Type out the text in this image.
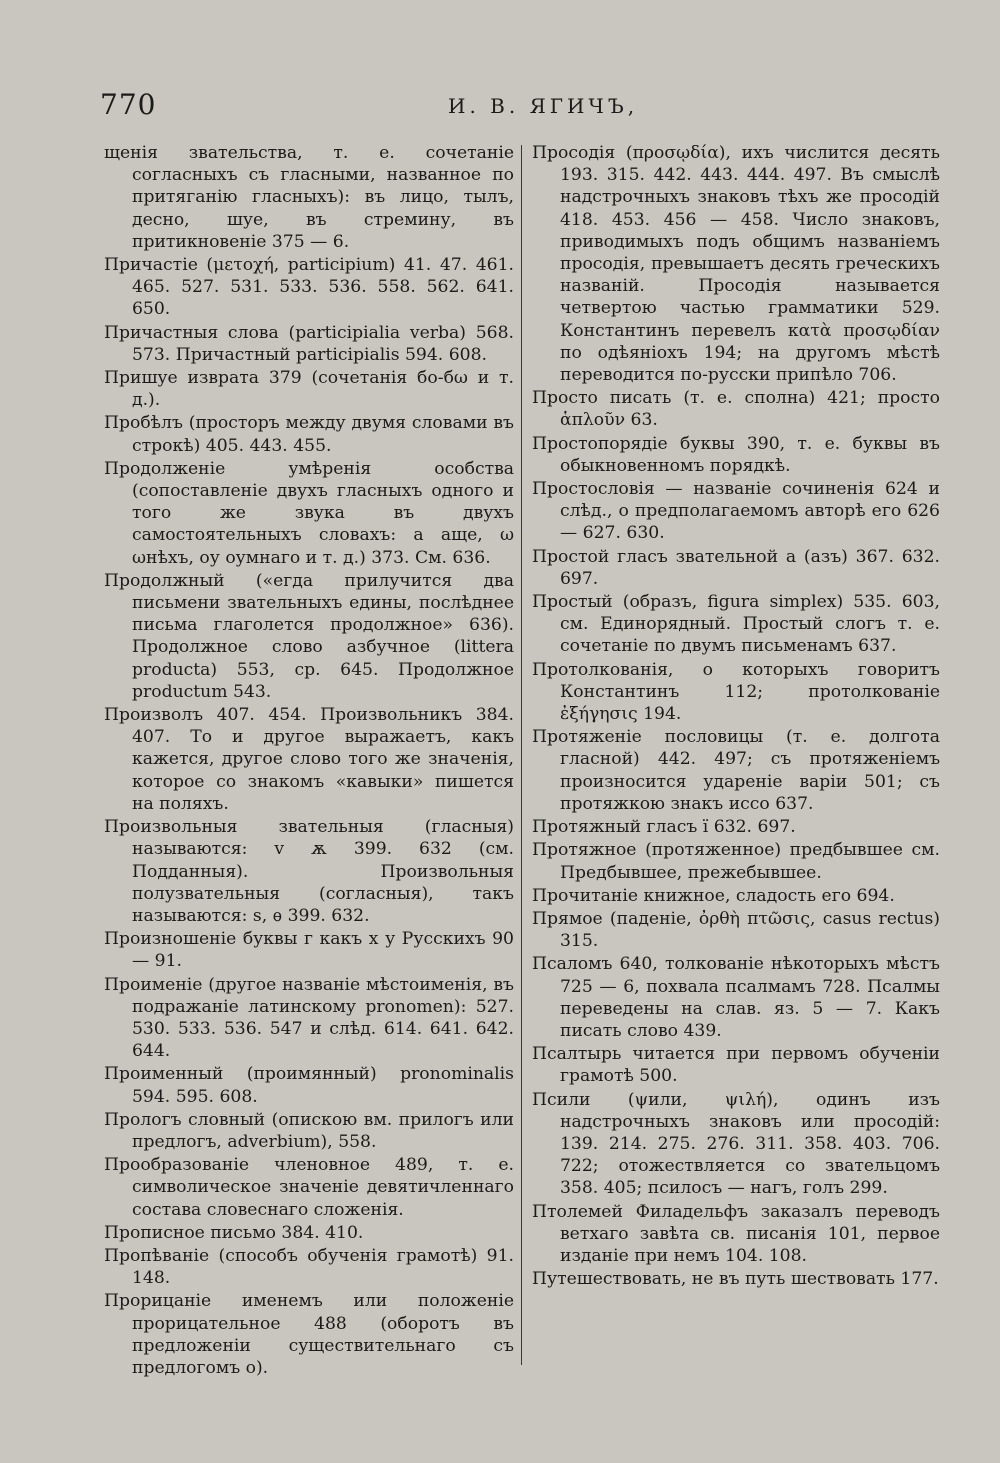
770	И. В. ЯГИЧЪ,

щенія звательства, т. е. сочетаніе согласныхъ съ гласными, названное по притяганію гласныхъ): въ лицо, тылъ, десно, шуе, въ стремину, въ притикновеніе 375 — 6.

Причастіе (μετοχή, participium) 41. 47. 461. 465. 527. 531. 533. 536. 558. 562. 641. 650.

Причастныя слова (participialia verba) 568. 573. Причастный participialis 594. 608.

Пришуе изврата 379 (сочетанія бо-бω и т. д.).

Пробѣлъ (просторъ между двумя словами въ строкѣ) 405. 443. 455.

Продолженіе умѣренія особства (сопоставленіе двухъ гласныхъ одного и того же звука въ двухъ самостоятельныхъ словахъ: а аще, ω ωнѣхъ, оу оумнаго и т. д.) 373. См. 636.

Продолжный («егда прилучится два письмени звательныхъ едины, послѣднее письма глаголется продолжное» 636). Продолжное слово азбучное (littera producta) 553, ср. 645. Продолжное productum 543.

Произволъ 407. 454. Произвольникъ 384. 407. То и другое выражаетъ, какъ кажется, другое слово того же значенія, которое со знакомъ «кавыки» пишется на поляхъ.

Произвольныя звательныя (гласныя) называются: v ѫ 399. 632 (см. Подданныя). Произвольныя полузвательныя (согласныя), такъ называются: ѕ, ѳ 399. 632.

Произношеніе буквы г какъ х у Русскихъ 90 — 91.

Проименіе (другое названіе мѣстоименія, въ подражаніе латинскому pronomen): 527. 530. 533. 536. 547 и слѣд. 614. 641. 642. 644.

Проименный (проимянный) pronominalis 594. 595. 608.

Прологъ словный (опискою вм. прилогъ или предлогъ, adverbium), 558.

Прообразованіе членовное 489, т. е. символическое значеніе девятичленнаго состава словеснаго сложенія.

Прописное письмо 384. 410.

Пропѣваніе (способъ обученія грамотѣ) 91. 148.

Прорицаніе именемъ или положеніе прорицательное 488 (оборотъ въ предложеніи существительнаго съ предлогомъ о).

Просодія (προσῳδία), ихъ числится десять 193. 315. 442. 443. 444. 497. Въ смыслѣ надстрочныхъ знаковъ тѣхъ же просодій 418. 453. 456 — 458. Число знаковъ, приводимыхъ подъ общимъ названіемъ просодія, превышаетъ десять греческихъ названій. Просодія называется четвертою частью грамматики 529. Константинъ перевелъ κατὰ προσῳδίαν по одѣяніохъ 194; на другомъ мѣстѣ переводится по-русски припѣло 706.

Просто писать (т. е. сполна) 421; просто ἁπλοῦν 63.

Простопорядіе буквы 390, т. е. буквы въ обыкновенномъ порядкѣ.

Простословія — названіе сочиненія 624 и слѣд., о предполагаемомъ авторѣ его 626 — 627. 630.

Простой гласъ звательной а (азъ) 367. 632. 697.

Простый (образъ, figura simplex) 535. 603, см. Единорядный. Простый слогъ т. е. сочетаніе по двумъ письменамъ 637.

Протолкованія, о которыхъ говоритъ Константинъ 112; протолкованіе ἐξήγησις 194.

Протяженіе пословицы (т. е. долгота гласной) 442. 497; съ протяженіемъ произносится удареніе варіи 501; съ протяжкою знакъ исcо 637.

Протяжный гласъ ї 632. 697.

Протяжное (протяженное) предбывшее см. Предбывшее, прежебывшее.

Прочитаніе книжное, сладость его 694.

Прямое (паденіе, ὀρθὴ πτῶσις, casus rectus) 315.

Псаломъ 640, толкованіе нѣкоторыхъ мѣстъ 725 — 6, похвала псалмамъ 728. Псалмы переведены на слав. яз. 5 — 7. Какъ писать слово 439.

Псалтырь читается при первомъ обученіи грамотѣ 500.

Псили (ψили, ψιλή), одинъ изъ надстрочныхъ знаковъ или просодій: 139. 214. 275. 276. 311. 358. 403. 706. 722; отожествляется со звательцомъ 358. 405; псилосъ — нагъ, голъ 299.

Птолемей Филадельфъ заказалъ переводъ ветхаго завѣта св. писанія 101, первое изданіе при немъ 104. 108.

Путешествовать, не въ путь шествовать 177.
